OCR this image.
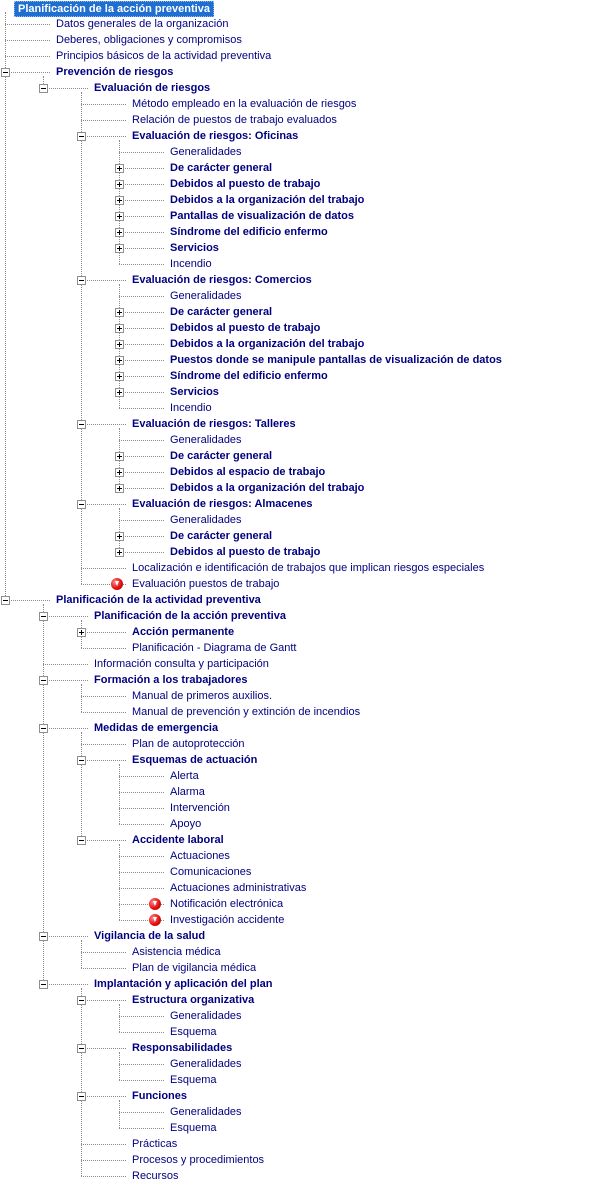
Planificación de la acción preventiva
Datos generales de la organización
Deberes, obligaciones y compromisos
Principios básicos de la actividad preventiva
Prevención de riesgos
Evaluación de riesgos
Método empleado en la evaluación de riesgos
Relación de puestos de trabajo evaluados
Evaluación de riesgos: Oficinas
Generalidades
De carácter general
Debidos al puesto de trabajo
Debidos a la organización del trabajo
Pantallas de visualización de datos
Síndrome del edificio enfermo
Servicios
Incendio
Evaluación de riesgos: Comercios
Generalidades
De carácter general
Debidos al puesto de trabajo
Debidos a la organización del trabajo
Puestos donde se manipule pantallas de visualización de datos
Síndrome del edificio enfermo
Servicios
Incendio
Evaluación de riesgos: Talleres
Generalidades
De carácter general
Debidos al espacio de trabajo
Debidos a la organización del trabajo
Evaluación de riesgos: Almacenes
Generalidades
De carácter general
Debidos al puesto de trabajo
Localización e identificación de trabajos que implican riesgos especiales
Evaluación puestos de trabajo
Planificación de la actividad preventiva
Planificación de la acción preventiva
Acción permanente
Planificación - Diagrama de Gantt
Información consulta y participación
Formación a los trabajadores
Manual de primeros auxilios.
Manual de prevención y extinción de incendios
Medidas de emergencia
Plan de autoprotección
Esquemas de actuación
Alerta
Alarma
Intervención
Apoyo
Accidente laboral
Actuaciones
Comunicaciones
Actuaciones administrativas
Notificación electrónica
Investigación accidente
Vigilancia de la salud
Asistencia médica
Plan de vigilancia médica
Implantación y aplicación del plan
Estructura organizativa
Generalidades
Esquema
Responsabilidades
Generalidades
Esquema
Funciones
Generalidades
Esquema
Prácticas
Procesos y procedimientos
Recursos
